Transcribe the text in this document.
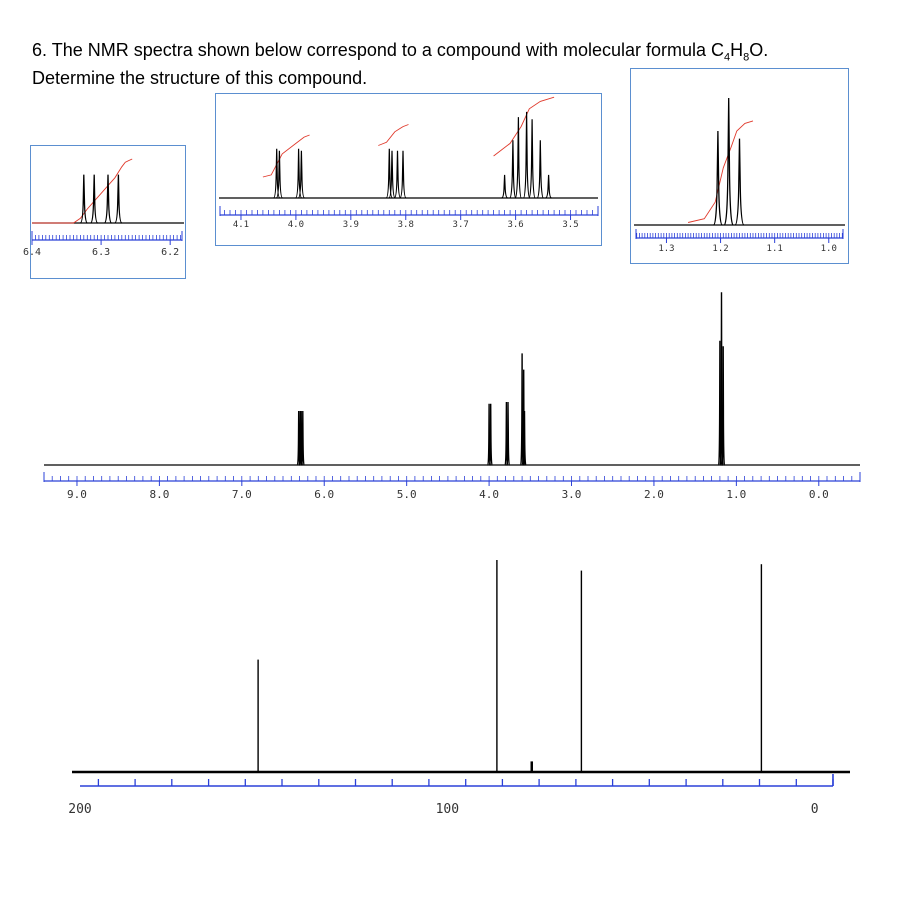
6. The NMR spectra shown below correspond to a compound with molecular formula $C_4H_8O$.
Determine the structure of this compound.
6.4	6.3	6.2
4.1	4.0	3.9	3.8	3.7	3.6	3.5
1.3	1.2	1.1	1.0
9.0	8.0	7.0	6.0	5.0	4.0	3.0	2.0	1.0	0.0
200	100	0
